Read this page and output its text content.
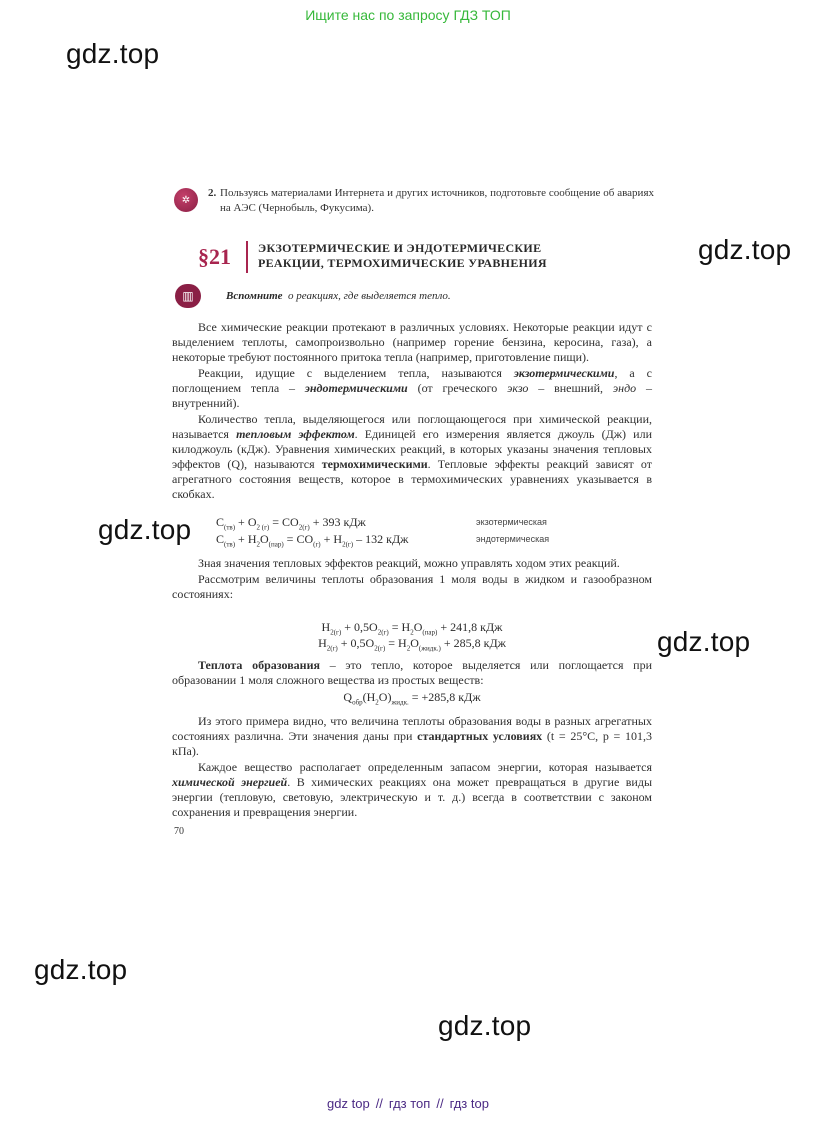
Ищите нас по запросу ГДЗ ТОП
gdz.top
gdz.top
gdz.top
gdz.top
gdz.top
gdz.top
✲
2. Пользуясь материалами Интернета и других источников, подготовьте сообщение об авариях на АЭС (Чернобыль, Фукусима).
§21 ЭКЗОТЕРМИЧЕСКИЕ И ЭНДОТЕРМИЧЕСКИЕ
РЕАКЦИИ, ТЕРМОХИМИЧЕСКИЕ УРАВНЕНИЯ
▥	Вспомните о реакциях, где выделяется тепло.

Все химические реакции протекают в различных условиях. Некоторые реакции идут с выделением теплоты, самопроизвольно (например горение бензина, керосина, газа), а некоторые требуют постоянного притока тепла (например, приготовление пищи).

Реакции, идущие с выделением тепла, называются экзотермическими, а с поглощением тепла – эндотермическими (от греческого экзо – внешний, эндо – внутренний).

Количество тепла, выделяющегося или поглощающегося при химической реакции, называется тепловым эффектом. Единицей его измерения является джоуль (Дж) или килоджоуль (кДж). Уравнения химических реакций, в которых указаны значения тепловых эффектов (Q), называются термохимическими. Тепловые эффекты реакций зависят от агрегатного состояния веществ, которое в термохимических уравнениях указывается в скобках.

$C_{(тв)} + O_{2 (г)} = CO_{2(г)} + 393$ кДж	экзотермическая
$C_{(тв)} + H_2O_{(пар)} = CO_{(г)} + H_{2(г)} - 132$ кДж	эндотермическая

Зная значения тепловых эффектов реакций, можно управлять ходом этих реакций.

Рассмотрим величины теплоты образования 1 моля воды в жидком и газообразном состояниях:

$H_{2(г)} + 0,5O_{2(г)} = H_2O_{(пар)} + 241,8$ кДж
$H_{2(г)} + 0,5O_{2(г)} = H_2O_{(жидк.)} + 285,8$ кДж

Теплота образования – это тепло, которое выделяется или поглощается при образовании 1 моля сложного вещества из простых веществ:

$Q_{обр}(H_2O)_{жидк.} = +285,8$ кДж

Из этого примера видно, что величина теплоты образования воды в разных агрегатных состояниях различна. Эти значения даны при стандартных условиях (t = 25°C, p = 101,3 кПа).

Каждое вещество располагает определенным запасом энергии, которая называется химической энергией. В химических реакциях она может превращаться в другие виды энергии (тепловую, световую, электрическую и т. д.) всегда в соответствии с законом сохранения и превращения энергии.

70
gdz top // гдз топ // гдз top
